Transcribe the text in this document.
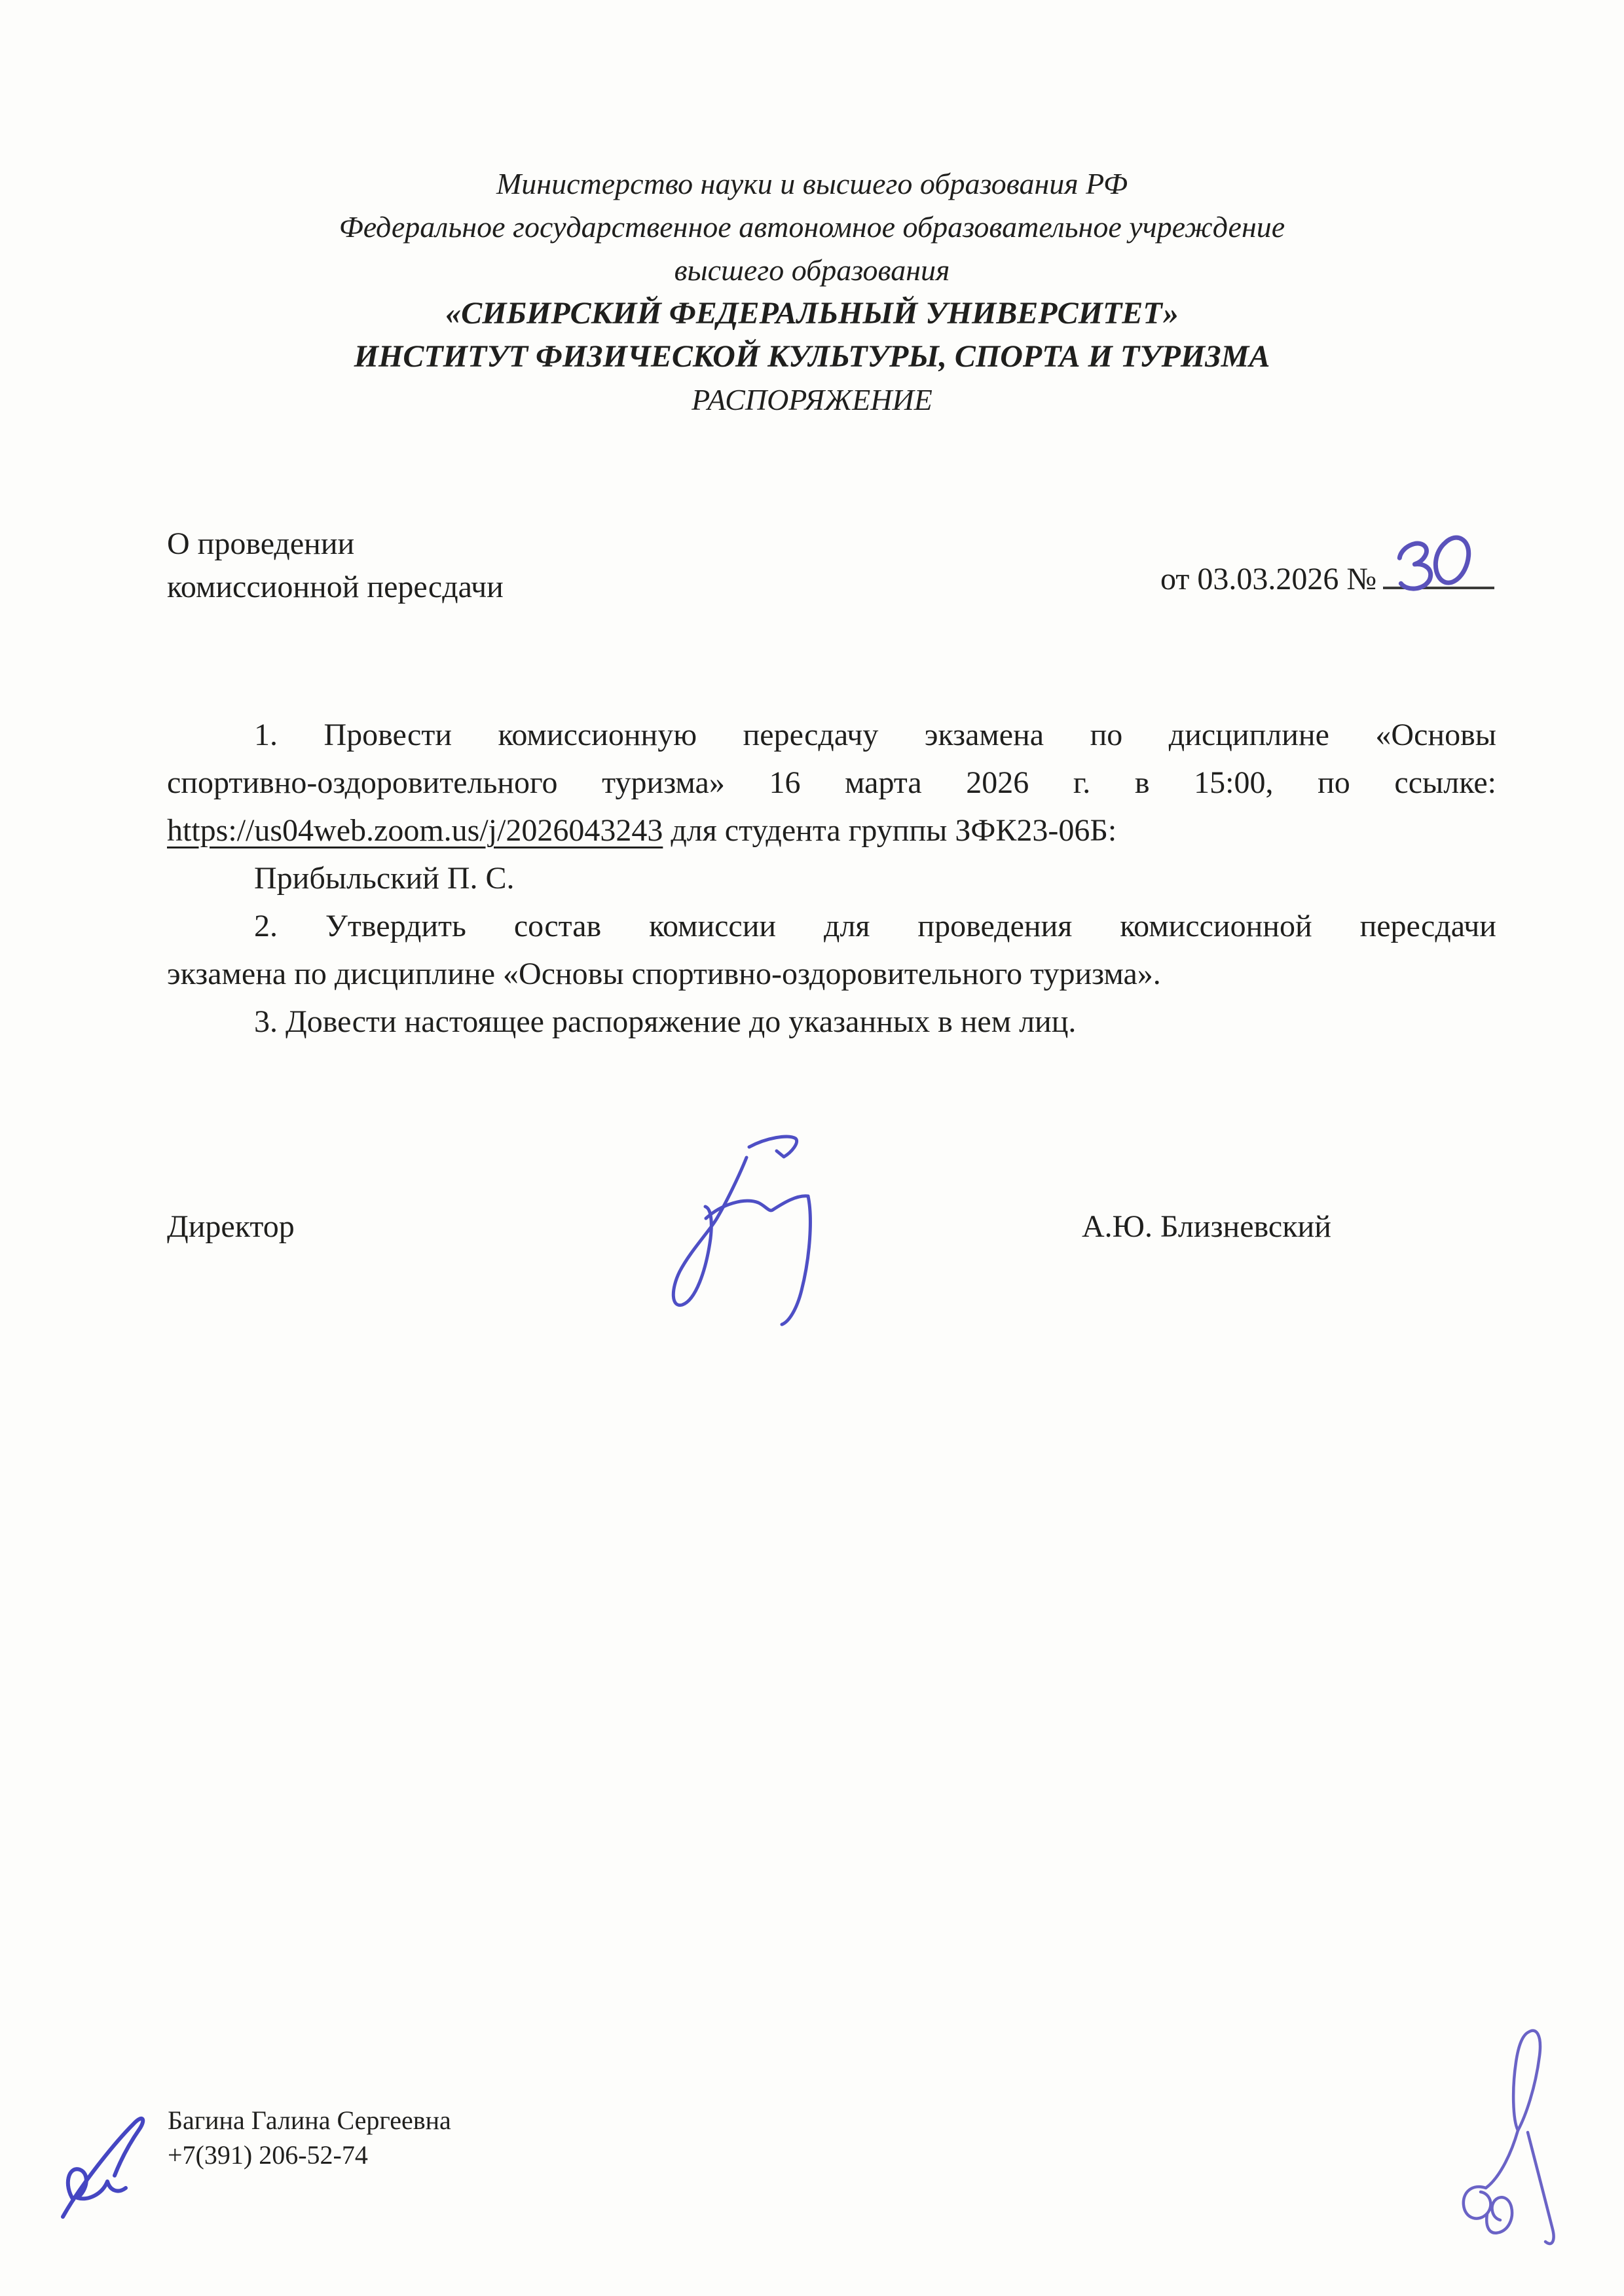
Министерство науки и высшего образования РФ
Федеральное государственное автономное образовательное учреждение
высшего образования
«СИБИРСКИЙ ФЕДЕРАЛЬНЫЙ УНИВЕРСИТЕТ»
ИНСТИТУТ ФИЗИЧЕСКОЙ КУЛЬТУРЫ, СПОРТА И ТУРИЗМА
РАСПОРЯЖЕНИЕ
О проведении
комиссионной пересдачи	от 03.03.2026 №
1. Провести комиссионную пересдачу экзамена по дисциплине «Основы
спортивно-оздоровительного туризма» 16 марта 2026 г. в 15:00, по ссылке:
https://us04web.zoom.us/j/2026043243 для студента группы ЗФК23-06Б:
Прибыльский П. С.
2. Утвердить состав комиссии для проведения комиссионной пересдачи
экзамена по дисциплине «Основы спортивно-оздоровительного туризма».
3. Довести настоящее распоряжение до указанных в нем лиц.
Директор	А.Ю. Близневский
Багина Галина Сергеевна
+7(391) 206-52-74
